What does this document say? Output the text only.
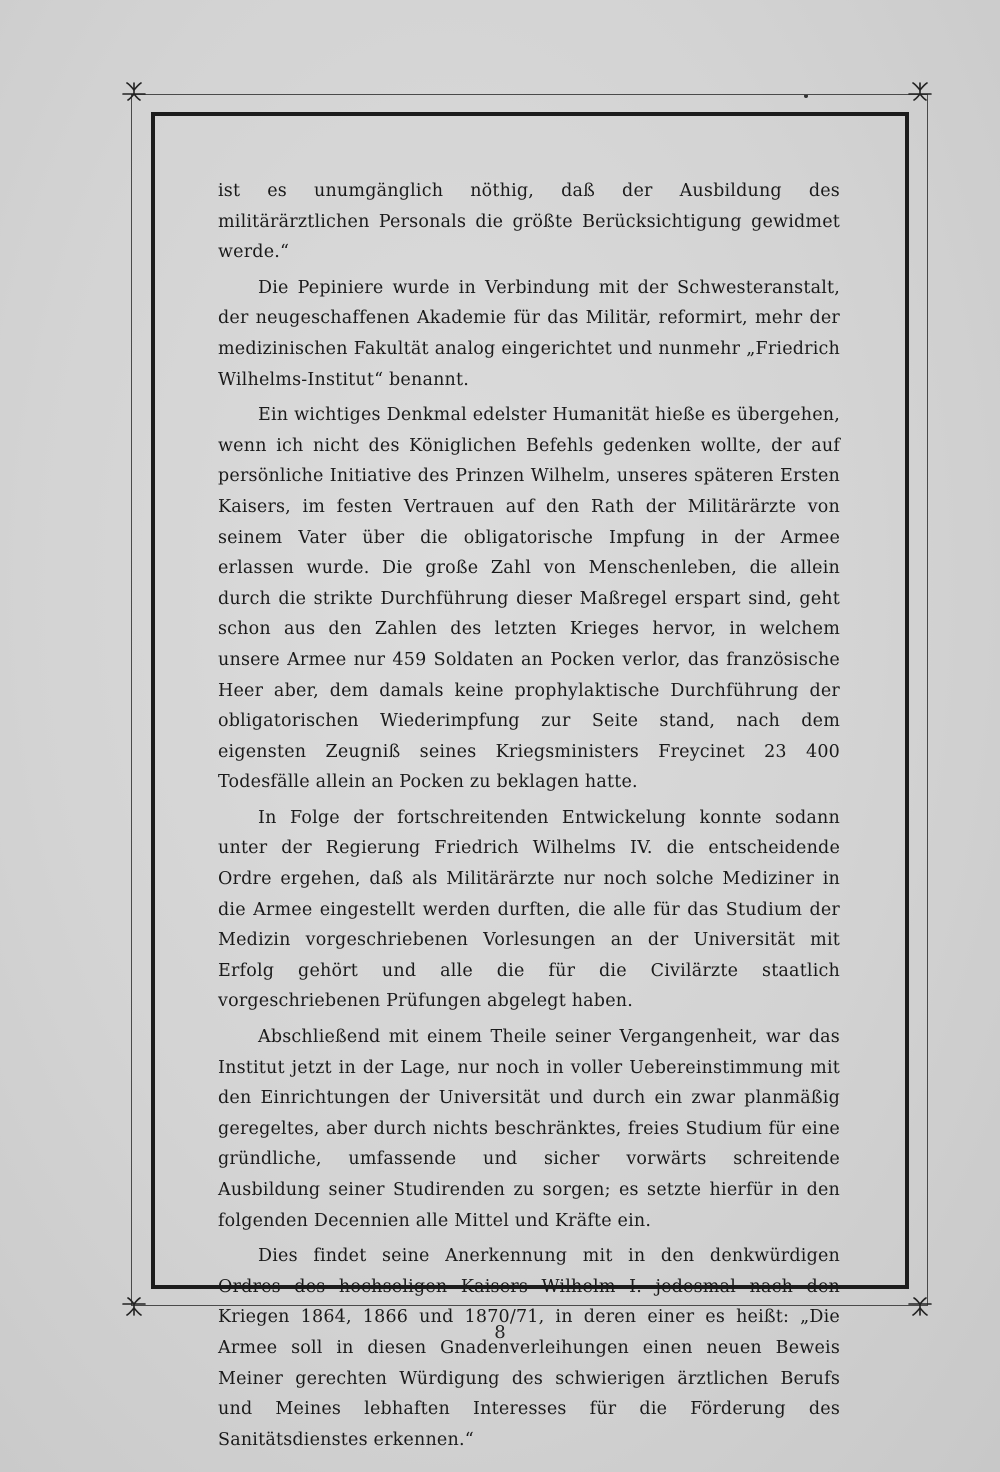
ist es unumgänglich nöthig, daß der Ausbildung des militärärztlichen Personals die größte Berücksichtigung gewidmet werde.“

Die Pepiniere wurde in Verbindung mit der Schwesteranstalt, der neugeschaffenen Akademie für das Militär, reformirt, mehr der medizinischen Fakultät analog eingerichtet und nunmehr „Friedrich Wilhelms-Institut“ benannt.

Ein wichtiges Denkmal edelster Humanität hieße es übergehen, wenn ich nicht des Königlichen Befehls gedenken wollte, der auf persönliche Initiative des Prinzen Wilhelm, unseres späteren Ersten Kaisers, im festen Vertrauen auf den Rath der Militärärzte von seinem Vater über die obligatorische Impfung in der Armee erlassen wurde. Die große Zahl von Menschenleben, die allein durch die strikte Durchführung dieser Maßregel erspart sind, geht schon aus den Zahlen des letzten Krieges hervor, in welchem unsere Armee nur 459 Soldaten an Pocken verlor, das französische Heer aber, dem damals keine prophylaktische Durchführung der obligatorischen Wiederimpfung zur Seite stand, nach dem eigensten Zeugniß seines Kriegsministers Freycinet 23 400 Todesfälle allein an Pocken zu beklagen hatte.

In Folge der fortschreitenden Entwickelung konnte sodann unter der Regierung Friedrich Wilhelms IV. die entscheidende Ordre ergehen, daß als Militärärzte nur noch solche Mediziner in die Armee eingestellt werden durften, die alle für das Studium der Medizin vorgeschriebenen Vorlesungen an der Universität mit Erfolg gehört und alle die für die Civilärzte staatlich vorgeschriebenen Prüfungen abgelegt haben.

Abschließend mit einem Theile seiner Vergangenheit, war das Institut jetzt in der Lage, nur noch in voller Uebereinstimmung mit den Einrichtungen der Universität und durch ein zwar planmäßig geregeltes, aber durch nichts beschränktes, freies Studium für eine gründliche, umfassende und sicher vorwärts schreitende Ausbildung seiner Studirenden zu sorgen; es setzte hierfür in den folgenden Decennien alle Mittel und Kräfte ein.

Dies findet seine Anerkennung mit in den denkwürdigen Ordres des hochseligen Kaisers Wilhelm I. jedesmal nach den Kriegen 1864, 1866 und 1870/71, in deren einer es heißt: „Die Armee soll in diesen Gnadenverleihungen einen neuen Beweis Meiner gerechten Würdigung des schwierigen ärztlichen Berufs und Meines lebhaften Interesses für die Förderung des Sanitätsdienstes erkennen.“

8
